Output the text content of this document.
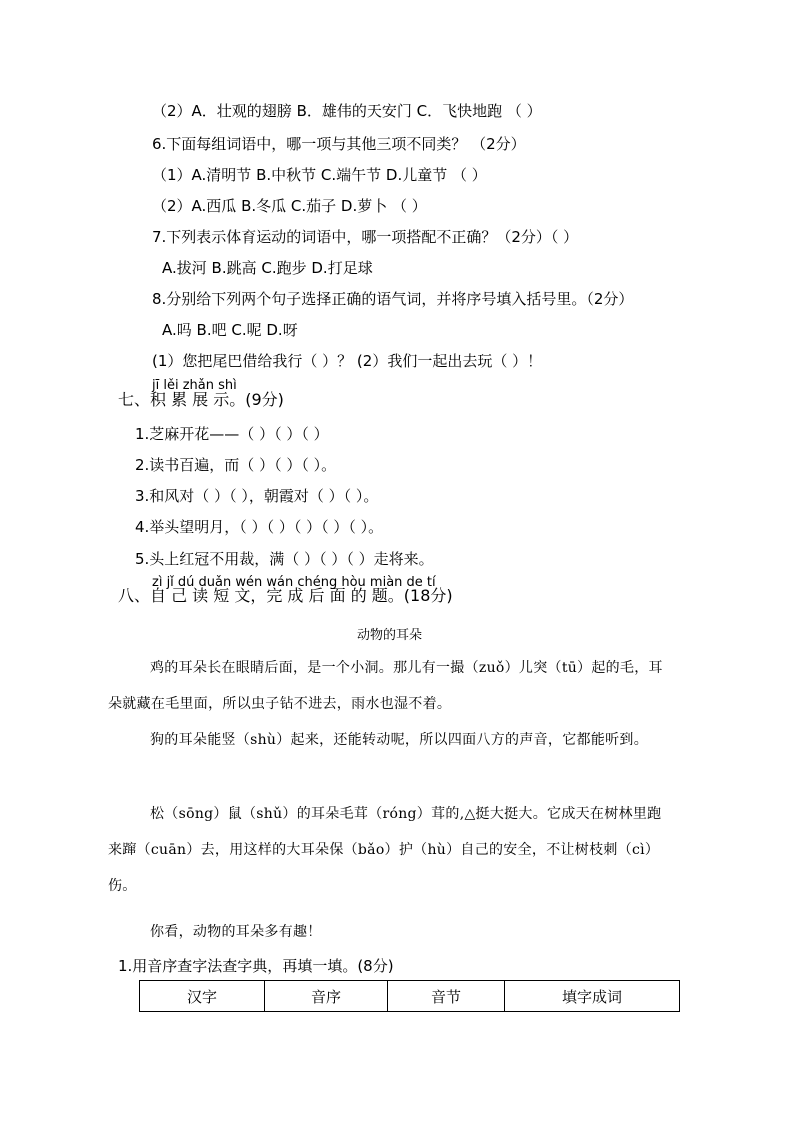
（2）A．壮观的翅膀 B．雄伟的天安门 C．飞快地跑 （ ）
6.下面每组词语中，哪一项与其他三项不同类？ （2分）
（1）A.清明节 B.中秋节 C.端午节 D.儿童节 （ ）
（2）A.西瓜 B.冬瓜 C.茄子 D.萝卜 （ ）
7.下列表示体育运动的词语中，哪一项搭配不正确？（2分）（ ）
A.拔河 B.跳高 C.跑步 D.打足球
8.分别给下列两个句子选择正确的语气词，并将序号填入括号里。（2分）
A.吗 B.吧 C.呢 D.呀
(1）您把尾巴借给我行（ ）？ (2）我们一起出去玩（ ）！
jī lěi zhǎn shì
七、积 累 展 示。(9分)
1.芝麻开花——（ ）（ ）（ ）
2.读书百遍，而（ ）（ ）（ ）。
3.和风对（ ）（ ），朝霞对（ ）（ ）。
4.举头望明月，（ ）（ ）（ ）（ ）（ ）。
5.头上红冠不用裁，满（ ）（ ）（ ）走将来。
zì jǐ dú duǎn wén wán chéng hòu miàn de tí
八、自 己 读 短 文，完 成 后 面 的 题。(18分)
动物的耳朵
鸡的耳朵长在眼睛后面，是一个小洞。那儿有一撮（zuǒ）儿突（tū）起的毛，耳朵就藏在毛里面，所以虫子钻不进去，雨水也湿不着。
狗的耳朵能竖（shù）起来，还能转动呢，所以四面八方的声音，它都能听到。
松（sōng）鼠（shǔ）的耳朵毛茸（róng）茸的,△挺大挺大。它成天在树林里跑来蹿（cuān）去，用这样的大耳朵保（bǎo）护（hù）自己的安全，不让树枝刺（cì）伤。
你看，动物的耳朵多有趣！
1.用音序查字法查字典，再填一填。(8分)
汉字	音序	音节	填字成词
